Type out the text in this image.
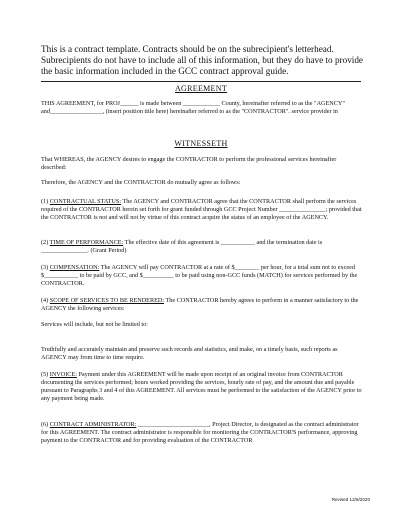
This is a contract template. Contracts should be on the subrecipient's letterhead. Subrecipients do not have to include all of this information, but they do have to provide the basic information included in the GCC contract approval guide.

AGREEMENT

THIS AGREEMENT, for PROJ______ is made between ____________ County, hereinafter referred to as the "AGENCY" and_________________, (insert position title here) hereinafter referred to as the "CONTRACTOR". service provider in

WITNESSETH

That WHEREAS, the AGENCY desires to engage the CONTRACTOR to perform the professional services hereinafter described:

Therefore, the AGENCY and the CONTRACTOR do mutually agree as follows:

(1) CONTRACTUAL STATUS: The AGENCY and CONTRACTOR agree that the CONTRACTOR shall perform the services required of the CONTRACTOR herein set forth for grant funded through GCC Project Number _______________; provided that the CONTRACTOR is not and will not by virtue of this contract acquire the status of an employee of the AGENCY.

(2) TIME OF PERFORMANCE: The effective date of this agreement is ___________ and the termination date is _______________. (Grant Period)

(3) COMPENSATION: The AGENCY will pay CONTRACTOR at a rate of $________ per hour, for a total sum not to exceed $___________ to be paid by GCC, and $__________ to be paid using non-GCC funds (MATCH) for services performed by the CONTRACTOR.

(4) SCOPE OF SERVICES TO BE RENDERED: The CONTRACTOR hereby agrees to perform in a manner satisfactory to the AGENCY the following services:

Services will include, but not be limited to:

Truthfully and accurately maintain and preserve such records and statistics, and make, on a timely basis, such reports as AGENCY may from time to time require.

(5) INVOICE: Payment under this AGREEMENT will be made upon receipt of an original invoice from CONTRACTOR documenting the services performed; hours worked providing the services, hourly rate of pay, and the amount due and payable pursuant to Paragraphs 3 and 4 of this AGREEMENT. All services must be performed to the satisfaction of the AGENCY prior to any payment being made.

(6) CONTRACT ADMINISTRATOR: _______________________, Project Director, is designated as the contract administrator for this AGREEMENT. The contract administrator is responsible for monitoring the CONTRACTOR'S performance, approving payment to the CONTRACTOR and for providing evaluation of the CONTRACTOR

Revised 12/8/2020
